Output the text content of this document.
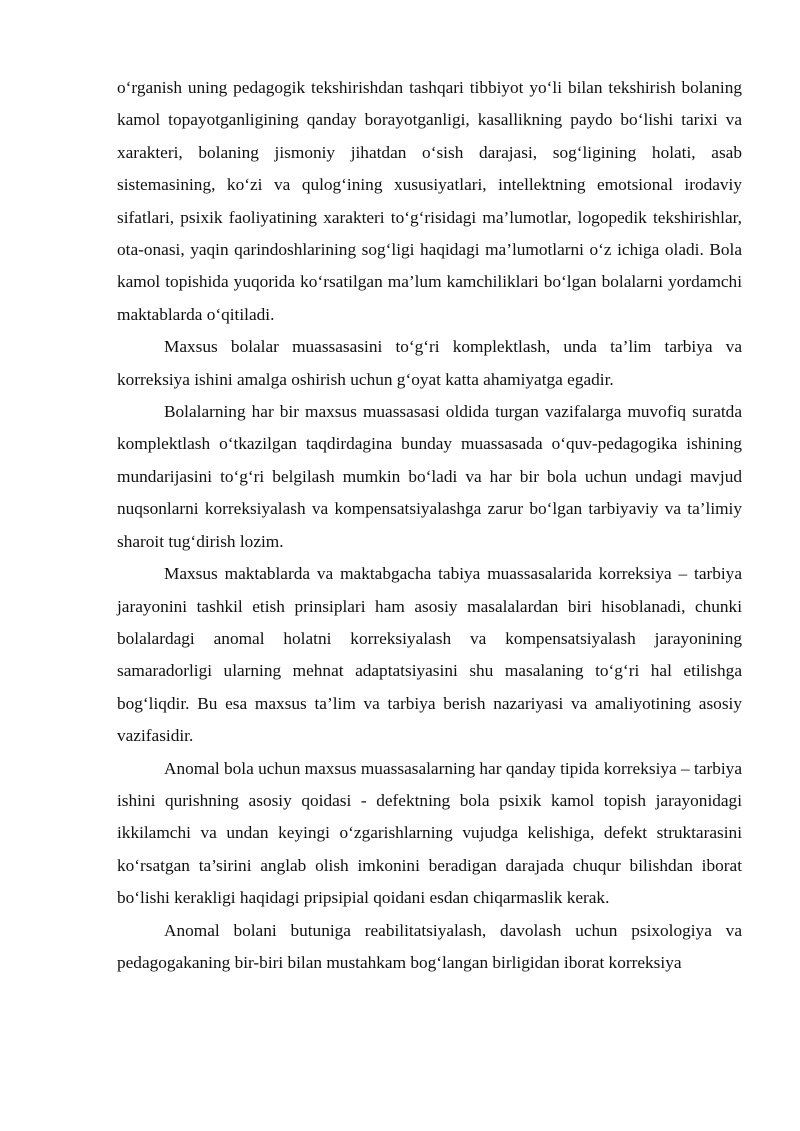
o‘rganish uning pedagogik tekshirishdan tashqari tibbiyot yo‘li bilan tekshirish bolaning kamol topayotganligining qanday borayotganligi, kasallikning paydo bo‘lishi tarixi va xarakteri, bolaning jismoniy jihatdan o‘sish darajasi, sog‘ligining holati, asab sistemasining, ko‘zi va qulog‘ining xususiyatlari, intellektning emotsional irodaviy sifatlari, psixik faoliyatining xarakteri to‘g‘risidagi ma’lumotlar, logopedik tekshirishlar, ota-onasi, yaqin qarindoshlarining sog‘ligi haqidagi ma’lumotlarni o‘z ichiga oladi. Bola kamol topishida yuqorida ko‘rsatilgan ma’lum kamchiliklari bo‘lgan bolalarni yordamchi maktablarda o‘qitiladi.

Maxsus bolalar muassasasini to‘g‘ri komplektlash, unda ta’lim tarbiya va korreksiya ishini amalga oshirish uchun g‘oyat katta ahamiyatga egadir.

Bolalarning har bir maxsus muassasasi oldida turgan vazifalarga muvofiq suratda komplektlash o‘tkazilgan taqdirdagina bunday muassasada o‘quv-pedagogika ishining mundarijasini to‘g‘ri belgilash mumkin bo‘ladi va har bir bola uchun undagi mavjud nuqsonlarni korreksiyalash va kompensatsiyalashga zarur bo‘lgan tarbiyaviy va ta’limiy sharoit tug‘dirish lozim.

Maxsus maktablarda va maktabgacha tabiya muassasalarida korreksiya – tarbiya jarayonini tashkil etish prinsiplari ham asosiy masalalardan biri hisoblanadi, chunki bolalardagi anomal holatni korreksiyalash va kompensatsiyalash jarayonining samaradorligi ularning mehnat adaptatsiyasini shu masalaning to‘g‘ri hal etilishga bog‘liqdir. Bu esa maxsus ta’lim va tarbiya berish nazariyasi va amaliyotining asosiy vazifasidir.

Anomal bola uchun maxsus muassasalarning har qanday tipida korreksiya – tarbiya ishini qurishning asosiy qoidasi - defektning bola psixik kamol topish jarayonidagi ikkilamchi va undan keyingi o‘zgarishlarning vujudga kelishiga, defekt struktarasini ko‘rsatgan ta’sirini anglab olish imkonini beradigan darajada chuqur bilishdan iborat bo‘lishi kerakligi haqidagi pripsipial qoidani esdan chiqarmaslik kerak.

Anomal bolani butuniga reabilitatsiyalash, davolash uchun psixologiya va pedagogakaning bir-biri bilan mustahkam bog‘langan birligidan iborat korreksiya
